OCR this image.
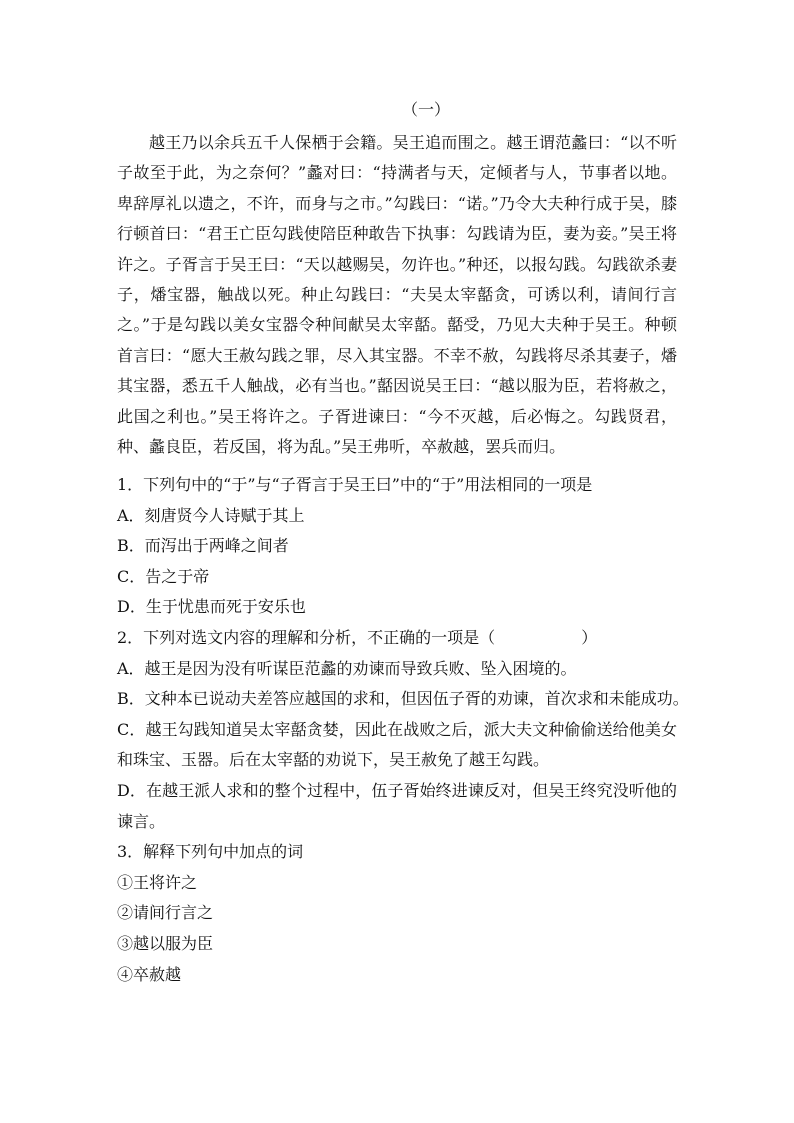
（一）

越王乃以余兵五千人保栖于会籍。吴王追而围之。越王谓范蠡曰：“以不听子故至于此，为之奈何？”蠡对曰：“持满者与天，定倾者与人，节事者以地。卑辞厚礼以遗之，不许，而身与之市。”勾践曰：“诺。”乃令大夫种行成于吴，膝行顿首曰：“君王亡臣勾践使陪臣种敢告下执事：勾践请为臣，妻为妾。”吴王将许之。子胥言于吴王曰：“天以越赐吴，勿许也。”种还，以报勾践。勾践欲杀妻子，燔宝器，触战以死。种止勾践曰：“夫吴太宰嚭贪，可诱以利，请间行言之。”于是勾践以美女宝器令种间献吴太宰嚭。嚭受，乃见大夫种于吴王。种顿首言曰：“愿大王赦勾践之罪，尽入其宝器。不幸不赦，勾践将尽杀其妻子，燔其宝器，悉五千人触战，必有当也。”嚭因说吴王曰：“越以服为臣，若将赦之，此国之利也。”吴王将许之。子胥进谏曰：“今不灭越，后必悔之。勾践贤君，种、蠡良臣，若反国，将为乱。”吴王弗听，卒赦越，罢兵而归。

1．下列句中的“于”与“子胥言于吴王曰”中的“于”用法相同的一项是

A．刻唐贤今人诗赋于其上

B．而泻出于两峰之间者

C．告之于帝

D．生于忧患而死于安乐也

2．下列对选文内容的理解和分析，不正确的一项是（	）

A．越王是因为没有听谋臣范蠡的劝谏而导致兵败、坠入困境的。

B．文种本已说动夫差答应越国的求和，但因伍子胥的劝谏，首次求和未能成功。

C．越王勾践知道吴太宰嚭贪婪，因此在战败之后，派大夫文种偷偷送给他美女和珠宝、玉器。后在太宰嚭的劝说下，吴王赦免了越王勾践。

D．在越王派人求和的整个过程中，伍子胥始终进谏反对，但吴王终究没听他的谏言。

3．解释下列句中加点的词

①王将许之

②请间行言之

③越以服为臣

④卒赦越
